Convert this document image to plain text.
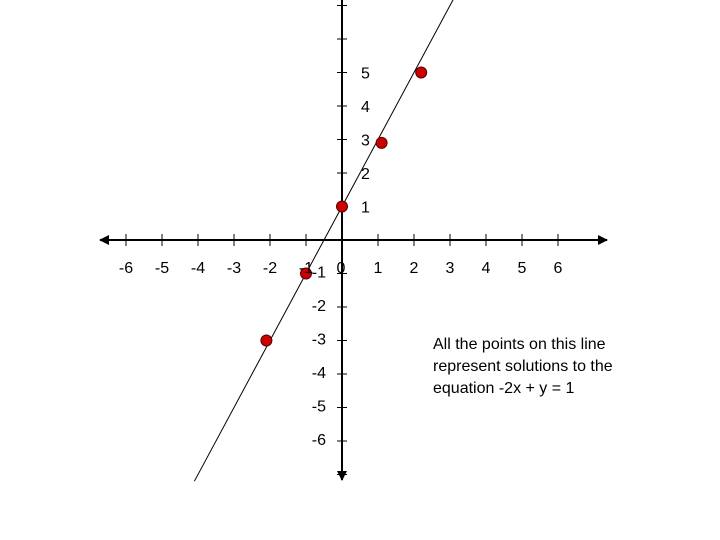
-6 -5 -4 -3 -2 -1 0 1 2 3 4 5 6
5
4
3
2
1
-1
-2
-3
-4
-5
-6

All the points on this line
represent solutions to the
equation -2x + y = 1
